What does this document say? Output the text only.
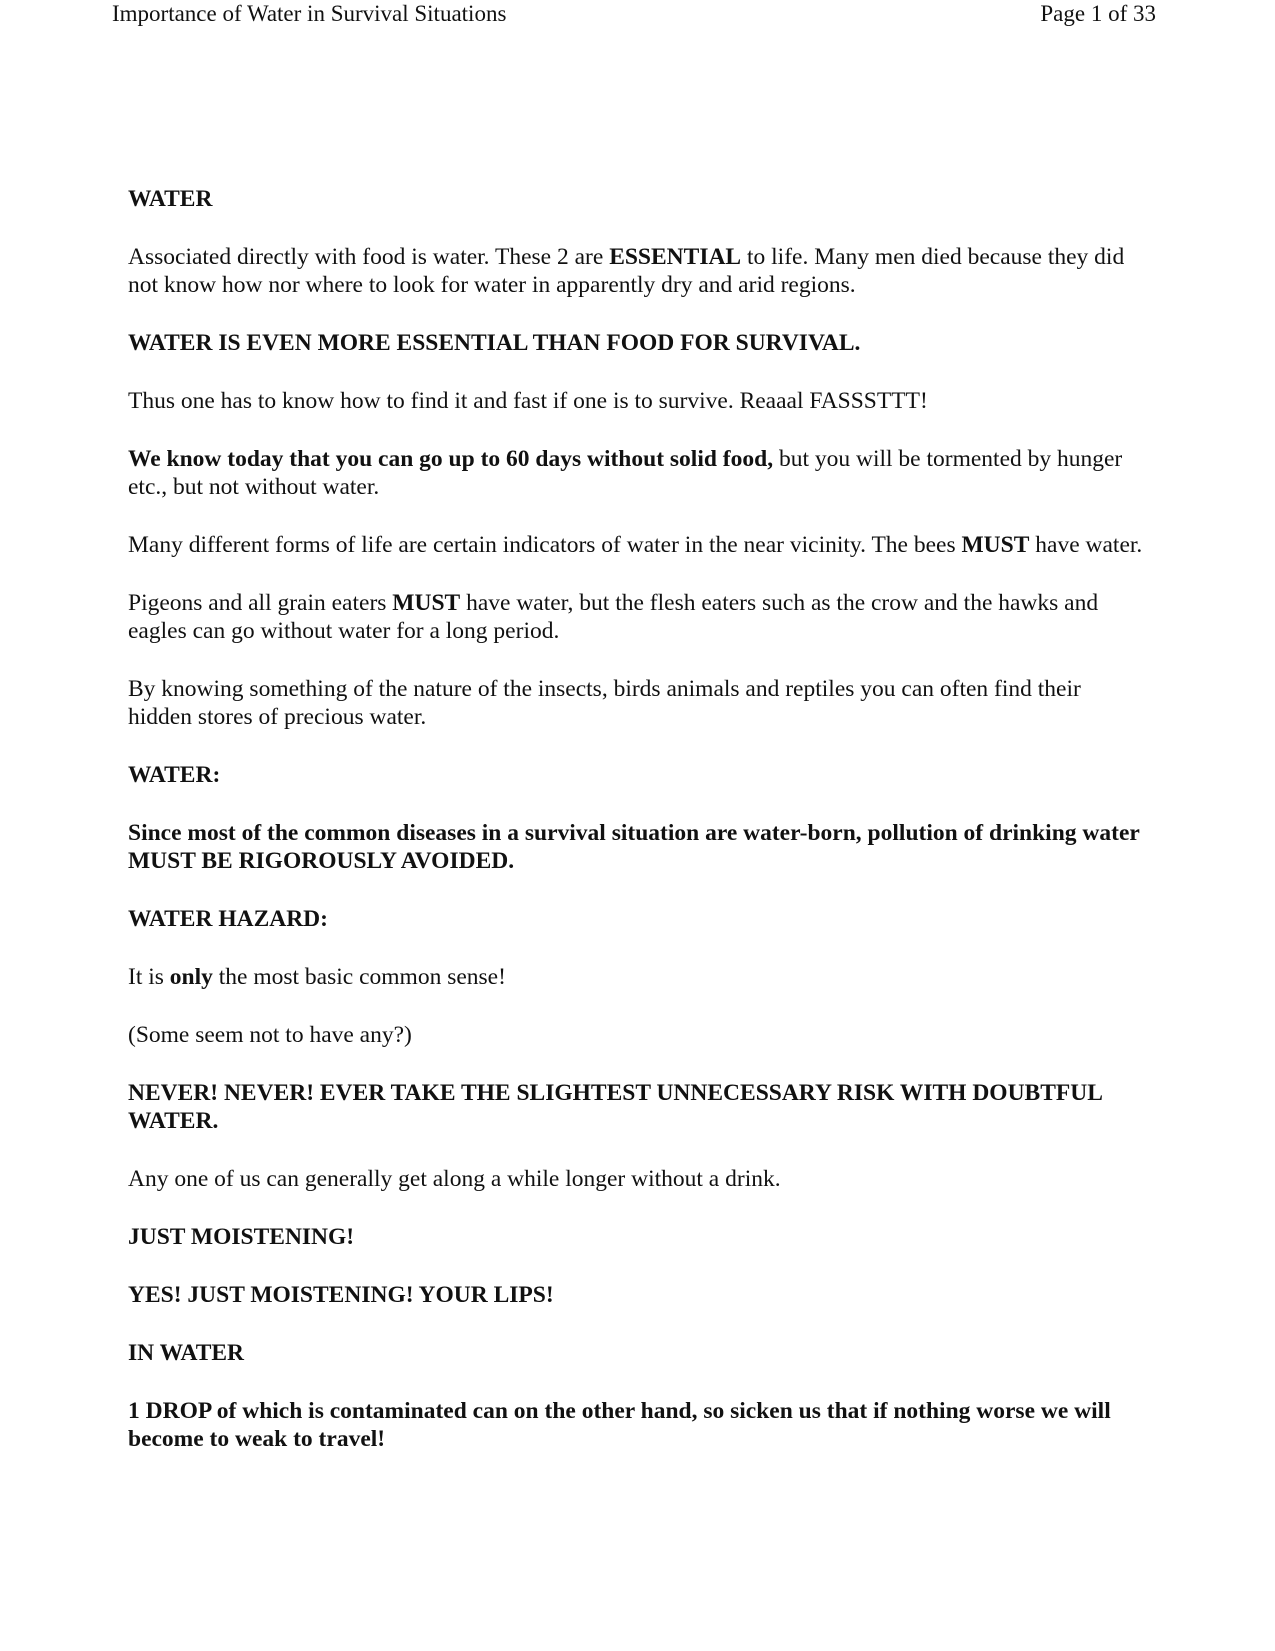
Importance of Water in Survival Situations	Page 1 of 33

WATER

Associated directly with food is water. These 2 are ESSENTIAL to life. Many men died because they did not know how nor where to look for water in apparently dry and arid regions.

WATER IS EVEN MORE ESSENTIAL THAN FOOD FOR SURVIVAL.

Thus one has to know how to find it and fast if one is to survive. Reaaal FASSSTTT!

We know today that you can go up to 60 days without solid food, but you will be tormented by hunger etc., but not without water.

Many different forms of life are certain indicators of water in the near vicinity. The bees MUST have water.

Pigeons and all grain eaters MUST have water, but the flesh eaters such as the crow and the hawks and eagles can go without water for a long period.

By knowing something of the nature of the insects, birds animals and reptiles you can often find their hidden stores of precious water.

WATER:

Since most of the common diseases in a survival situation are water-born, pollution of drinking water MUST BE RIGOROUSLY AVOIDED.

WATER HAZARD:

It is only the most basic common sense!

(Some seem not to have any?)

NEVER! NEVER! EVER TAKE THE SLIGHTEST UNNECESSARY RISK WITH DOUBTFUL WATER.

Any one of us can generally get along a while longer without a drink.

JUST MOISTENING!

YES! JUST MOISTENING! YOUR LIPS!

IN WATER

1 DROP of which is contaminated can on the other hand, so sicken us that if nothing worse we will become to weak to travel!
